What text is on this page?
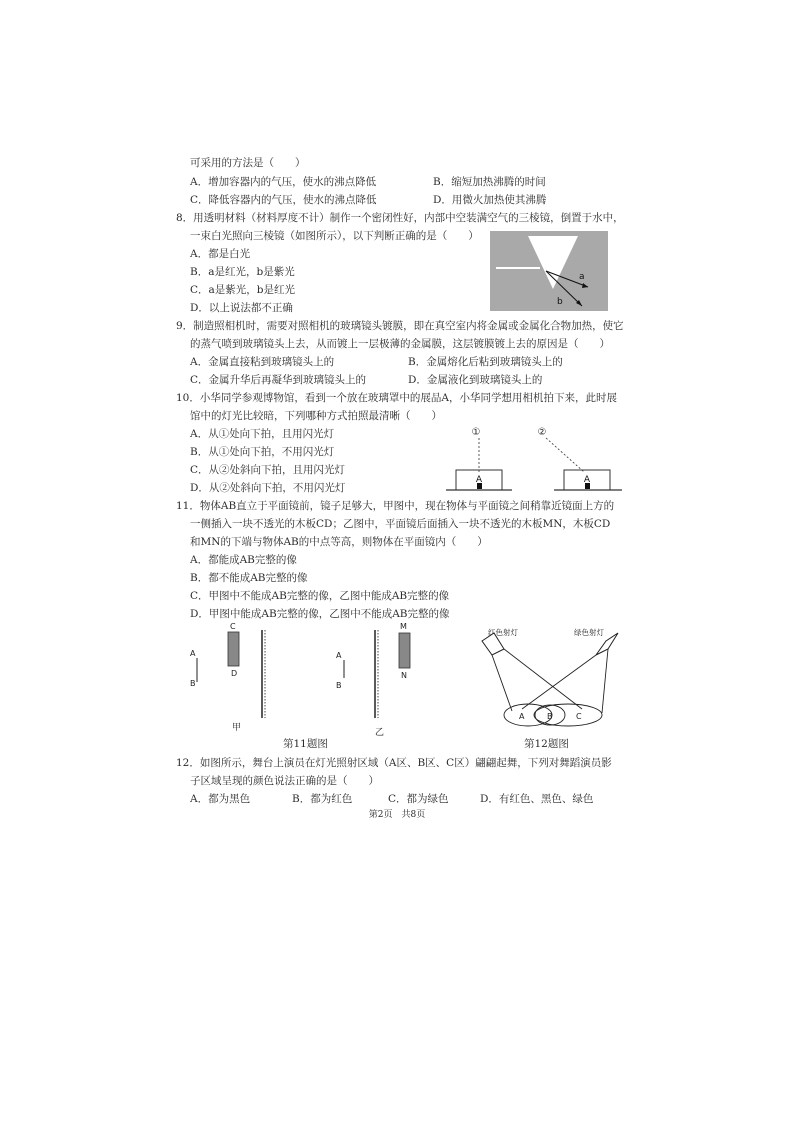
可采用的方法是（　　）
A．增加容器内的气压，使水的沸点降低	B．缩短加热沸腾的时间
C．降低容器内的气压，使水的沸点降低	D．用微火加热使其沸腾
8．用透明材料（材料厚度不计）制作一个密闭性好，内部中空装满空气的三棱镜，倒置于水中，
一束白光照向三棱镜（如图所示），以下判断正确的是（　　）
A．都是白光
B．a是红光，b是紫光
C．a是紫光，b是红光
D．以上说法都不正确
a
b
9．制造照相机时，需要对照相机的玻璃镜头镀膜，即在真空室内将金属或金属化合物加热，使它
的蒸气喷到玻璃镜头上去，从而镀上一层极薄的金属膜，这层镀膜镀上去的原因是（　　）
A．金属直接粘到玻璃镜头上的	B．金属熔化后粘到玻璃镜头上的
C．金属升华后再凝华到玻璃镜头上的	D．金属液化到玻璃镜头上的
10．小华同学参观博物馆，看到一个放在玻璃罩中的展品A，小华同学想用相机拍下来，此时展
馆中的灯光比较暗，下列哪种方式拍照最清晰（　　）
A．从①处向下拍，且用闪光灯
B．从①处向下拍，不用闪光灯
C．从②处斜向下拍，且用闪光灯
D．从②处斜向下拍，不用闪光灯
①
A
②
A
11．物体AB直立于平面镜前，镜子足够大，甲图中，现在物体与平面镜之间稍靠近镜面上方的
一侧插入一块不透光的木板CD；乙图中，平面镜后面插入一块不透光的木板MN，木板CD
和MN的下端与物体AB的中点等高，则物体在平面镜内（　　）
A．都能成AB完整的像
B．都不能成AB完整的像
C．甲图中不能成AB完整的像，乙图中能成AB完整的像
D．甲图中能成AB完整的像，乙图中不能成AB完整的像
A
B
C
D
甲
A
B
M
N
乙
第11题图
红色射灯	绿色射灯
A	B	C
第12题图
12．如图所示，舞台上演员在灯光照射区域（A区、B区、C区）翩翩起舞，下列对舞蹈演员影
子区域呈现的颜色说法正确的是（　　）
A．都为黑色	B．都为红色	C．都为绿色	D．有红色、黑色、绿色
第2页　共8页
